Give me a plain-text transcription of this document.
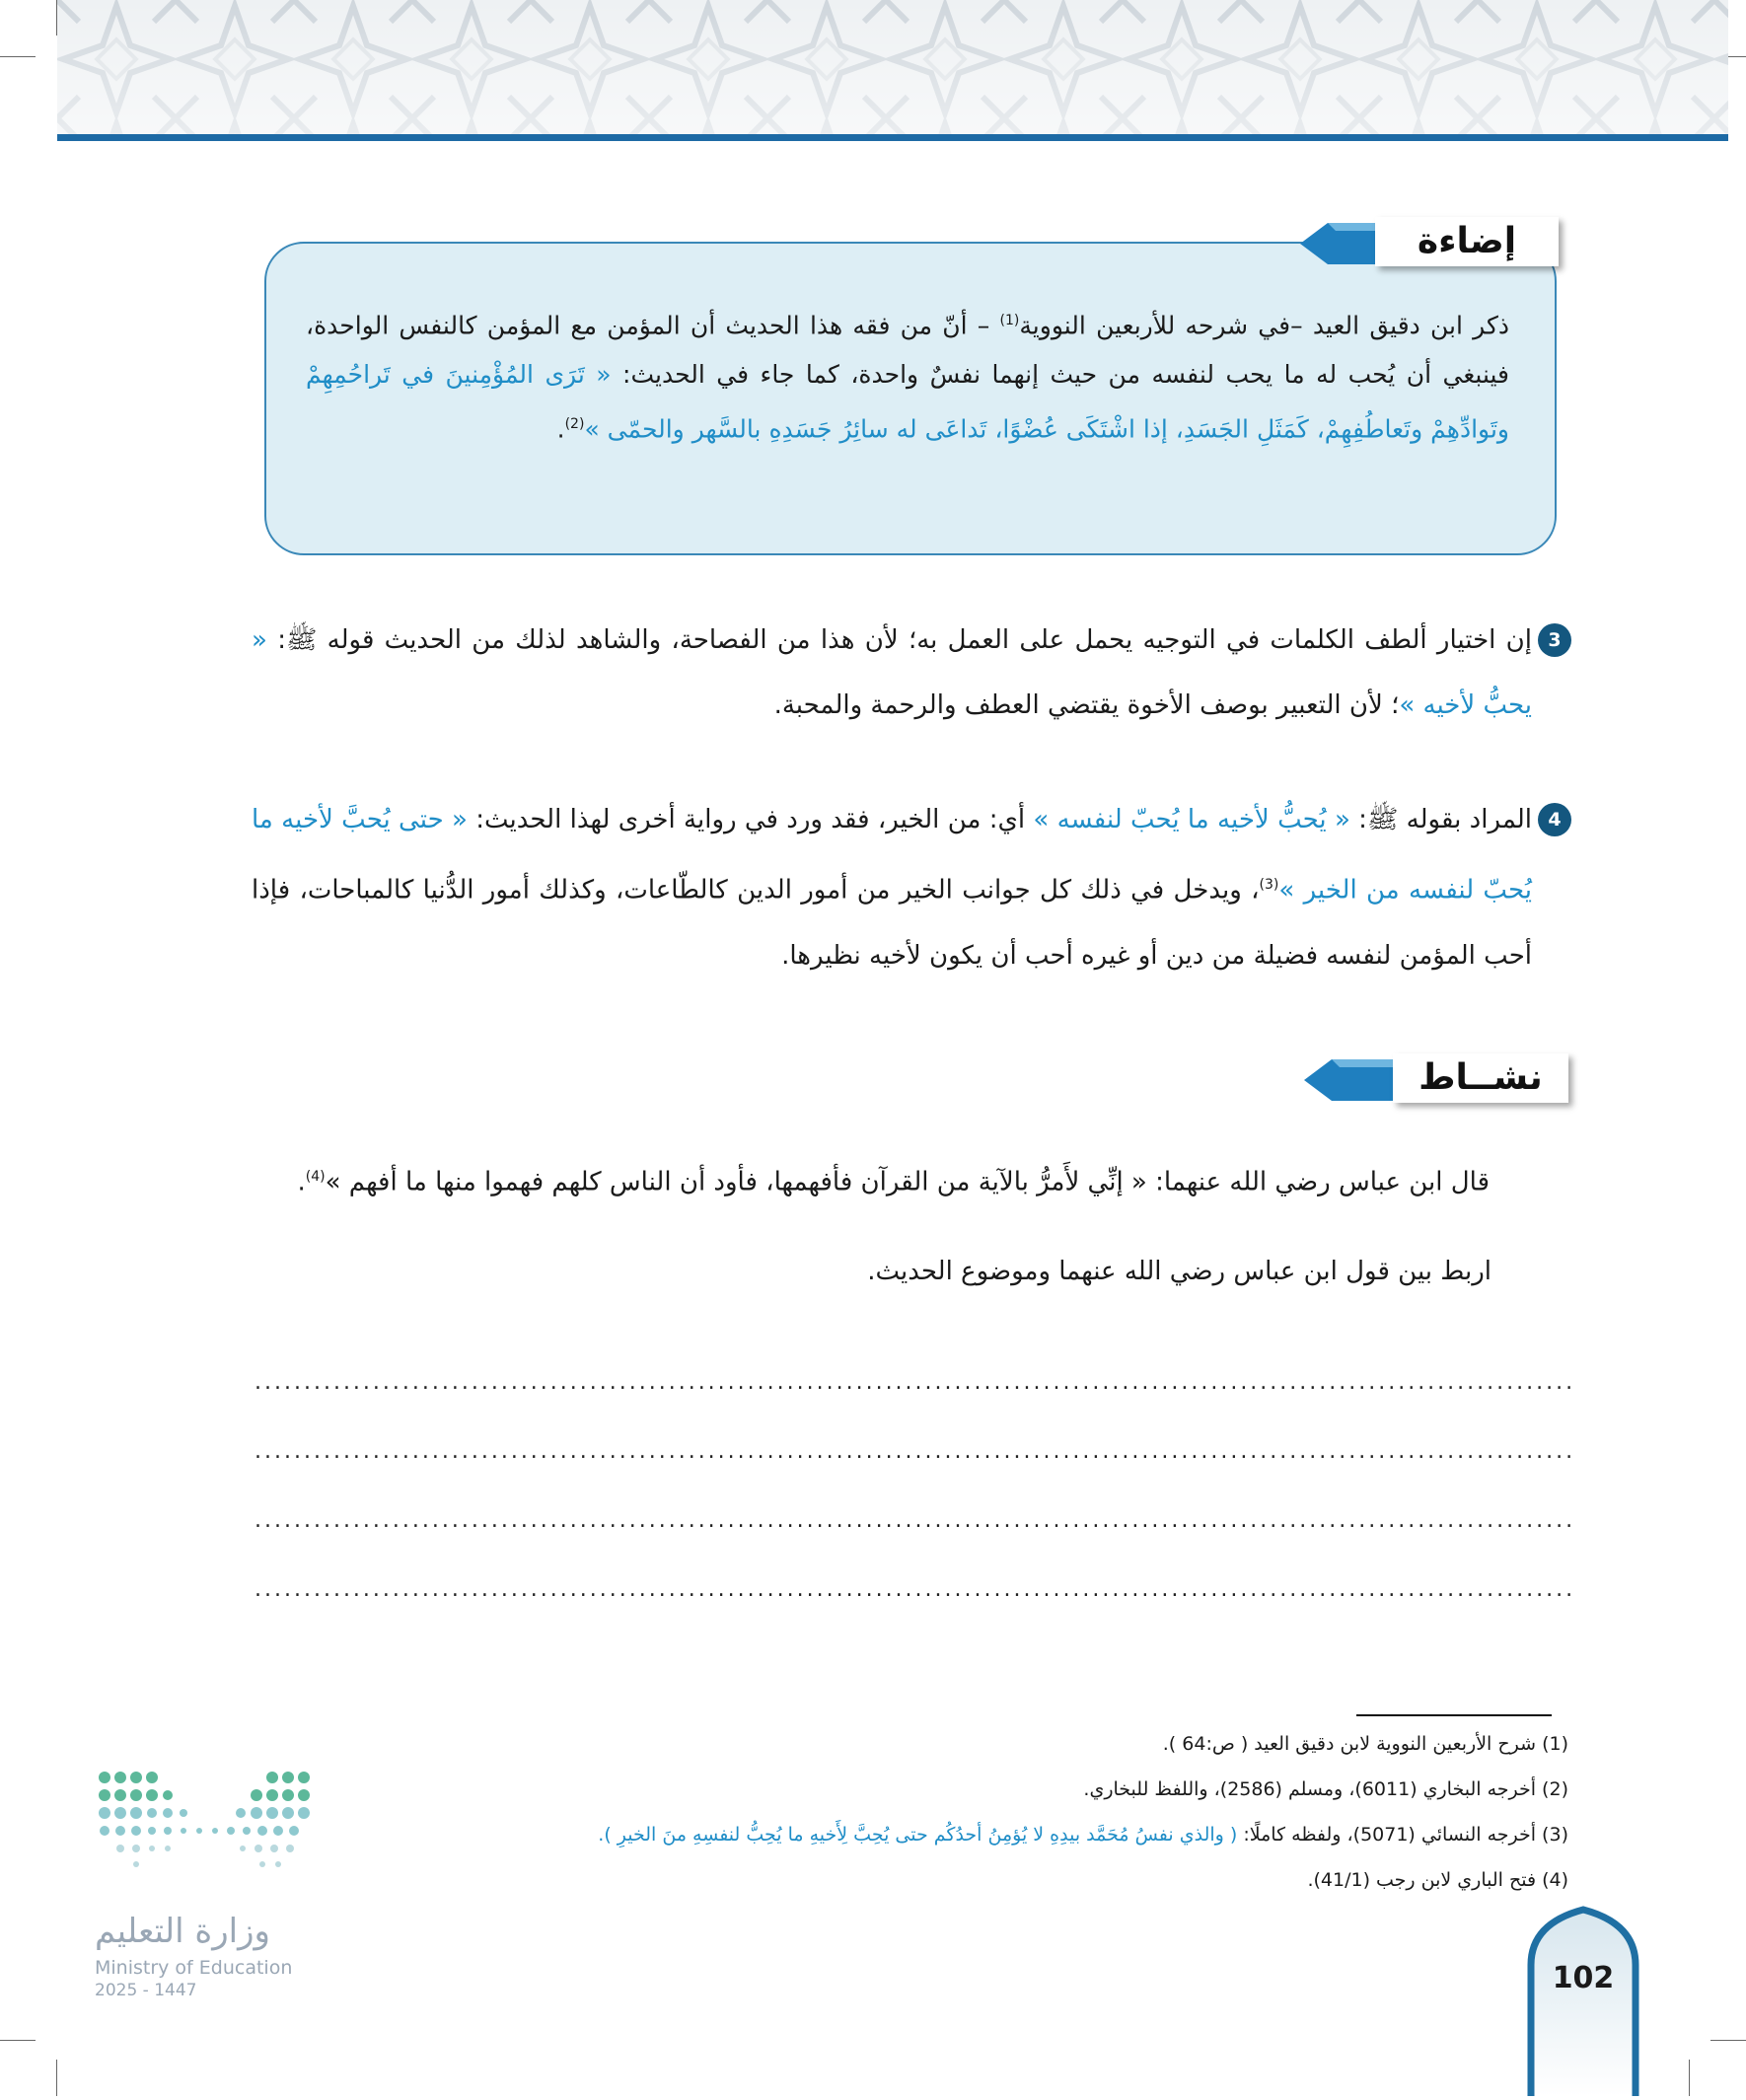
إضاءة
ذكر ابن دقيق العيد –في شرحه للأربعين النووية$^{(1)}$ – أنّ من فقه هذا الحديث أن المؤمن مع المؤمن كالنفس الواحدة، فينبغي أن يُحب له ما يحب لنفسه من حيث إنهما نفسٌ واحدة، كما جاء في الحديث: « تَرَى المُؤْمِنينَ في تَراحُمِهِمْ وتَوادِّهِمْ وتَعاطُفِهِمْ، كَمَثَلِ الجَسَدِ، إذا اشْتَكَى عُضْوًا، تَداعَى له سائِرُ جَسَدِهِ بالسَّهر والحمّى »$^{(2)}$.
3
إن اختيار ألطف الكلمات في التوجيه يحمل على العمل به؛ لأن هذا من الفصاحة، والشاهد لذلك من الحديث قوله ﷺ: « يحبُّ لأخيه »؛ لأن التعبير بوصف الأخوة يقتضي العطف والرحمة والمحبة.
4
المراد بقوله ﷺ: « يُحبُّ لأخيه ما يُحبّ لنفسه » أي: من الخير، فقد ورد في رواية أخرى لهذا الحديث: « حتى يُحبَّ لأخيه ما يُحبّ لنفسه من الخير »$^{(3)}$، ويدخل في ذلك كل جوانب الخير من أمور الدين كالطّاعات، وكذلك أمور الدُّنيا كالمباحات، فإذا أحب المؤمن لنفسه فضيلة من دين أو غيره أحب أن يكون لأخيه نظيرها.
نشــاط
قال ابن عباس رضي الله عنهما: « إنِّي لأَمرُّ بالآية من القرآن فأفهمها، فأود أن الناس كلهم فهموا منها ما أفهم »$^{(4)}$.
اربط بين قول ابن عباس رضي الله عنهما وموضوع الحديث.
......................................................................................................................................
......................................................................................................................................
......................................................................................................................................
......................................................................................................................................
(1) شرح الأربعين النووية لابن دقيق العيد ( ص:64 ).
(2) أخرجه البخاري (6011)، ومسلم (2586)، واللفظ للبخاري.
(3) أخرجه النسائي (5071)، ولفظه كاملًا: ( والذي نفسُ مُحَمَّد بيدِهِ لا يُؤمِنُ أحدُكُم حتى يُحِبَّ لِأَخيهِ ما يُحِبُّ لنفسِهِ منَ الخيرِ ).
(4) فتح الباري لابن رجب (41/1).
وزارة التعليم
Ministry of Education
2025 - 1447	102
